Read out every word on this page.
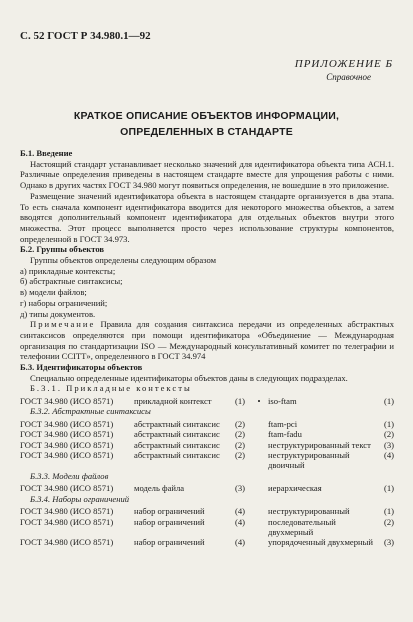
С. 52 ГОСТ Р 34.980.1—92
ПРИЛОЖЕНИЕ Б
Справочное
КРАТКОЕ ОПИСАНИЕ ОБЪЕКТОВ ИНФОРМАЦИИ,
ОПРЕДЕЛЕННЫХ В СТАНДАРТЕ

Б.1. Введение

Настоящий стандарт устанавливает несколько значений для идентификатора объекта типа АСН.1. Различные определения приведены в настоящем стандарте вместе для упрощения работы с ними. Однако в других частях ГОСТ 34.980 могут появиться определения, не вошедшие в это приложение.

Размещение значений идентификатора объекта в настоящем стандарте организуется в два этапа. То есть сначала компонент идентификатора вводится для некоторого множества объектов, а затем вводятся дополнительный компонент идентификатора для отдельных объектов внутри этого множества. Этот процесс выполняется просто через использование структуры компонентов, определенной в ГОСТ 34.973.

Б.2. Группы объектов

Группы объектов определены следующим образом

а) прикладные контексты;

б) абстрактные синтаксисы;

в) модели файлов;

г) наборы ограничений;

д) типы документов.

Примечание Правила для создания синтаксиса передачи из определенных абстрактных синтаксисов определяются при помощи идентификатора «Объединение — Международная организация по стандартизации ISO — Международный консультативный комитет по телеграфии и телефонии CCITT», определенного в ГОСТ 34.974

Б.3. Идентификаторы объектов

Специально определенные идентификаторы объектов даны в следующих подразделах.

Б.3.1. Прикладные контексты

ГОСТ 34.980 (ИСО 8571)	прикладной контекст	(1)	•	iso-ftam	(1)

Б.3.2. Абстрактные синтаксисы

ГОСТ 34.980 (ИСО 8571)	абстрактный синтаксис	(2)		ftam-pci	(1)
ГОСТ 34.980 (ИСО 8571)	абстрактный синтаксис	(2)		ftam-fadu	(2)
ГОСТ 34.980 (ИСО 8571)	абстрактный синтаксис	(2)		неструктурированный текст	(3)
ГОСТ 34.980 (ИСО 8571)	абстрактный синтаксис	(2)		неструктурированный двоичный	(4)

Б.3.3. Модели файлов

ГОСТ 34.980 (ИСО 8571)	модель файла	(3)		иерархическая	(1)

Б.3.4. Наборы ограничений

ГОСТ 34.980 (ИСО 8571)	набор ограничений	(4)		неструктурированный	(1)
ГОСТ 34.980 (ИСО 8571)	набор ограничений	(4)		последовательный двухмерный	(2)
ГОСТ 34.980 (ИСО 8571)	набор ограничений	(4)		упорядоченный двухмерный	(3)
